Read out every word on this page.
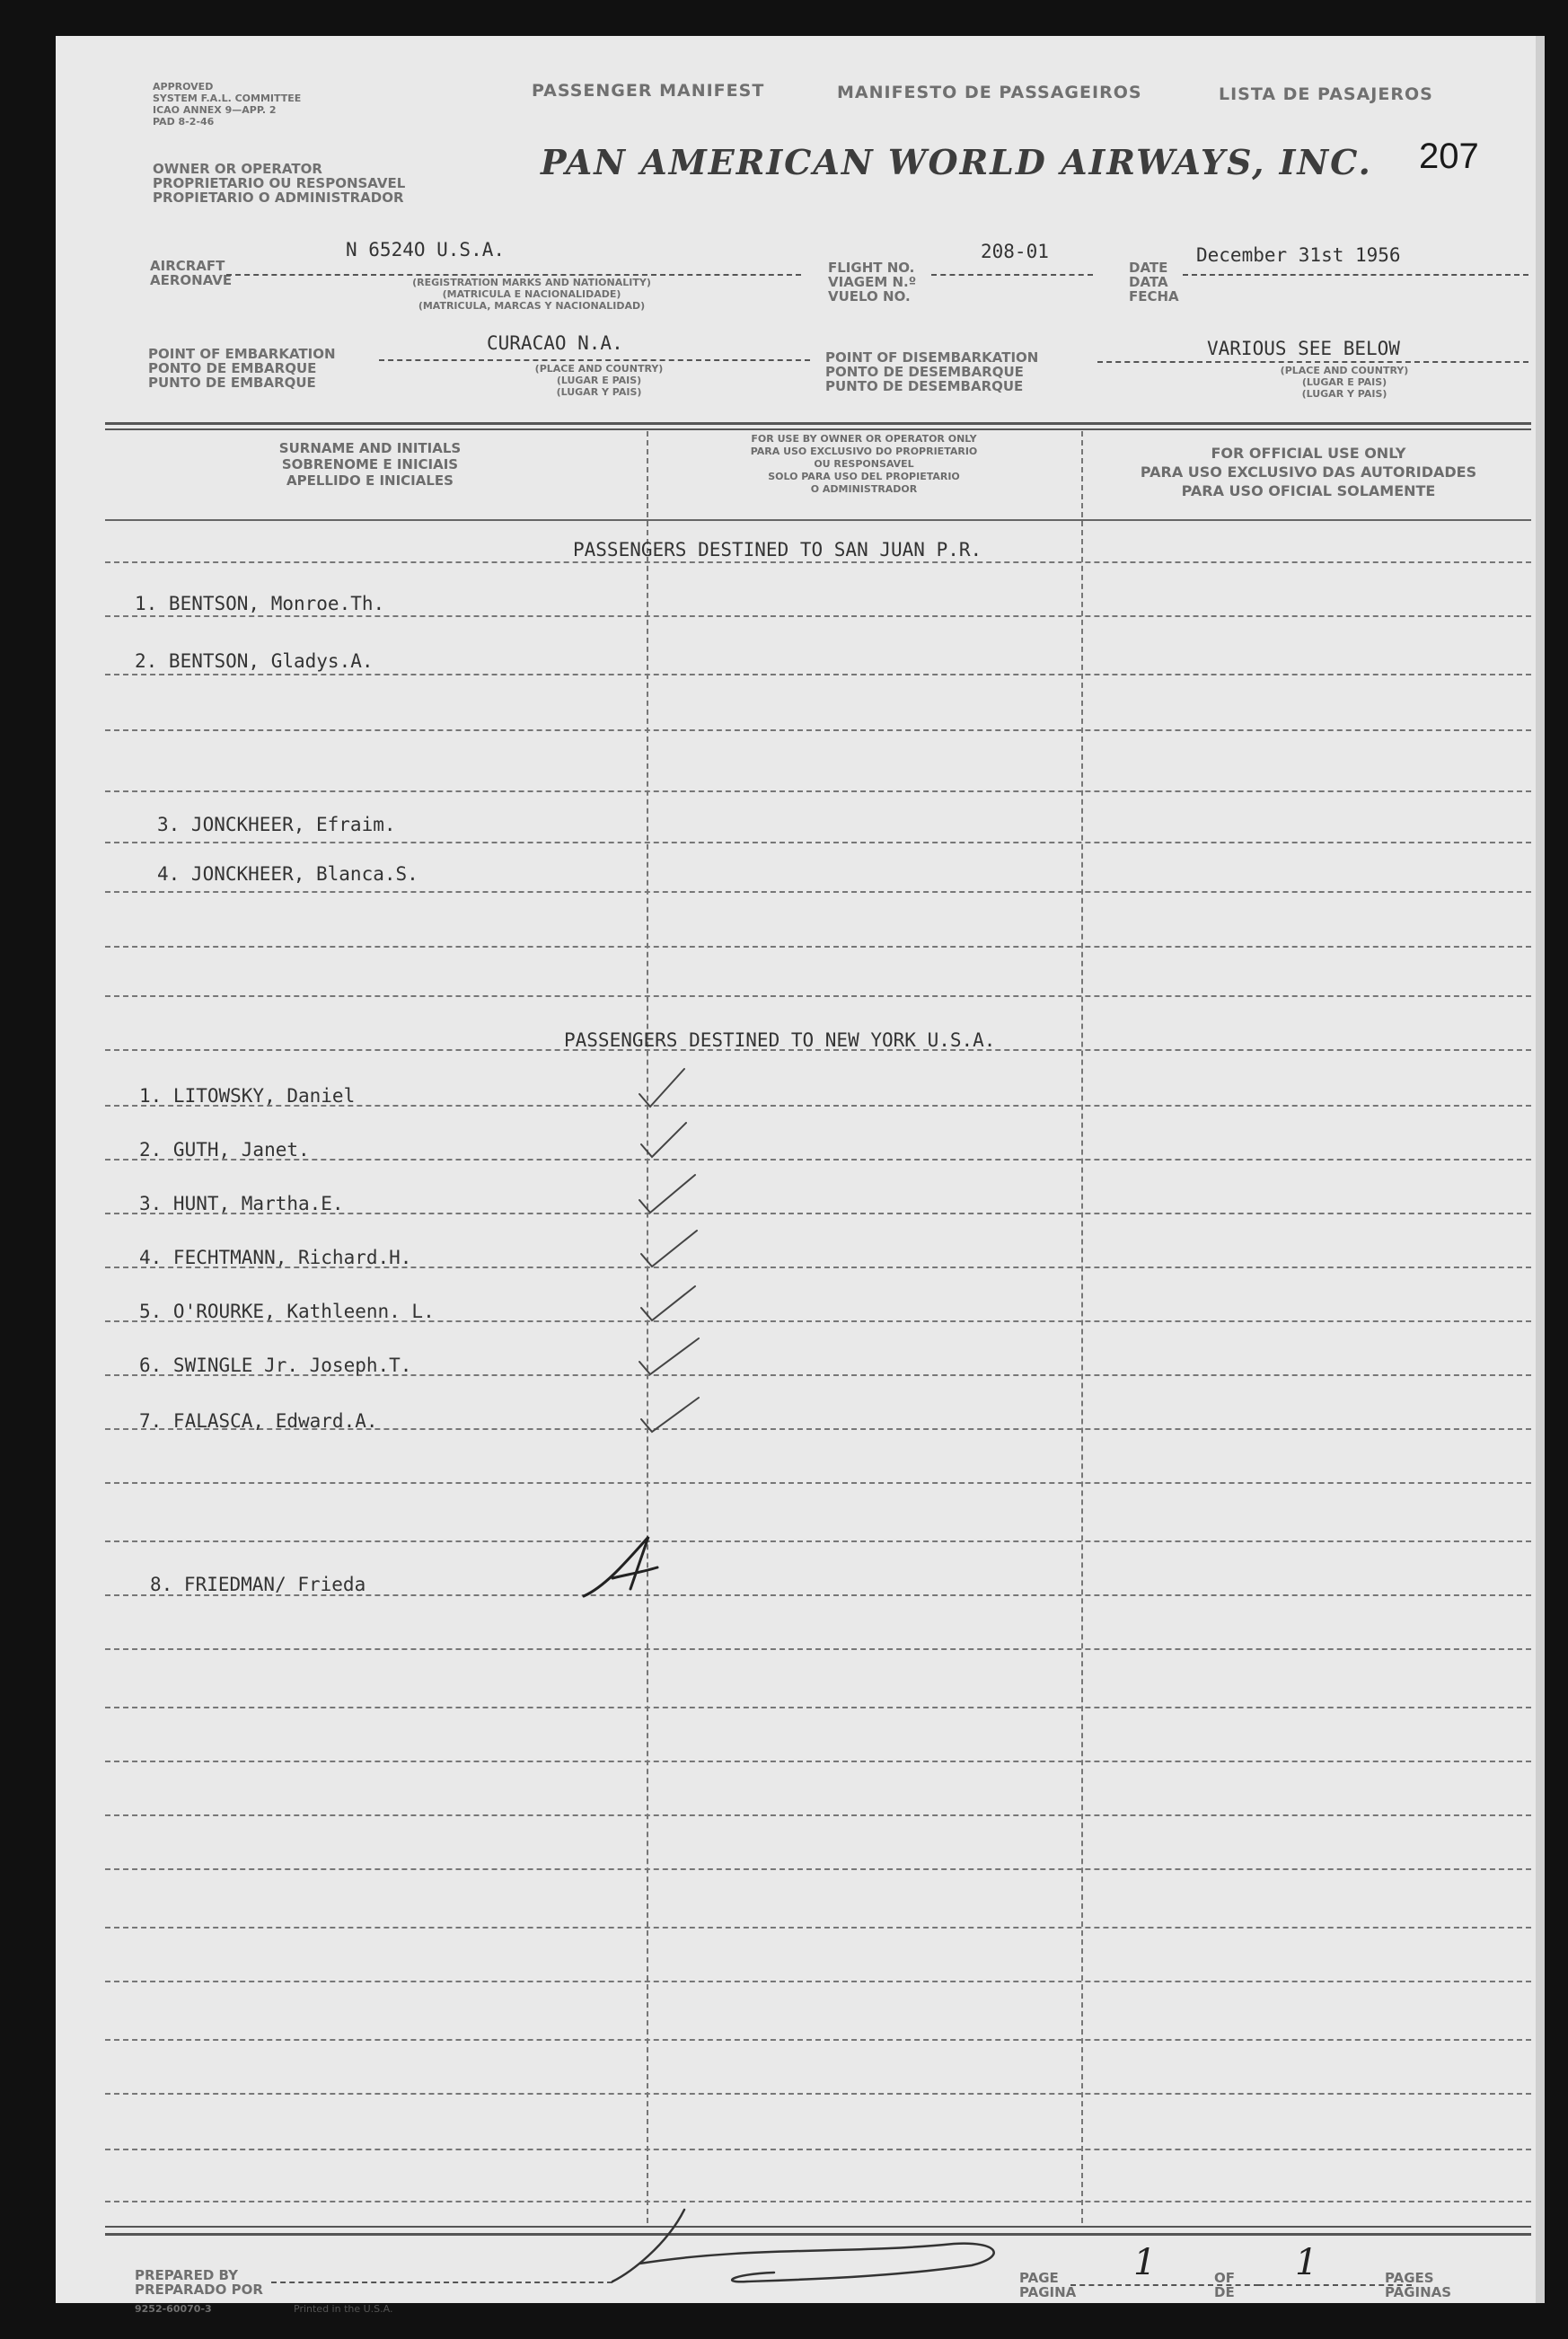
APPROVED
SYSTEM F.A.L. COMMITTEE
ICAO ANNEX 9—APP. 2
PAD 8-2-46
OWNER OR OPERATOR
PROPRIETARIO OU RESPONSAVEL
PROPIETARIO O ADMINISTRADOR
PASSENGER MANIFEST	MANIFESTO DE PASSAGEIROS	LISTA DE PASAJEROS
PAN AMERICAN WORLD AIRWAYS, INC. 207
AIRCRAFT
AERONAVE
N 6524O U.S.A.
(REGISTRATION MARKS AND NATIONALITY)
(MATRICULA E NACIONALIDADE)
(MATRICULA, MARCAS Y NACIONALIDAD)
FLIGHT NO.
VIAGEM N.º
VUELO NO.
208-01
DATE
DATA
FECHA
December 31st 1956
POINT OF EMBARKATION
PONTO DE EMBARQUE
PUNTO DE EMBARQUE
CURACAO N.A.
(PLACE AND COUNTRY)
(LUGAR E PAIS)
(LUGAR Y PAIS)
POINT OF DISEMBARKATION
PONTO DE DESEMBARQUE
PUNTO DE DESEMBARQUE
VARIOUS SEE BELOW
(PLACE AND COUNTRY)
(LUGAR E PAIS)
(LUGAR Y PAIS)
SURNAME AND INITIALS
SOBRENOME E INICIAIS
APELLIDO E INICIALES
FOR USE BY OWNER OR OPERATOR ONLY
PARA USO EXCLUSIVO DO PROPRIETARIO
OU RESPONSAVEL
SOLO PARA USO DEL PROPIETARIO
O ADMINISTRADOR
FOR OFFICIAL USE ONLY
PARA USO EXCLUSIVO DAS AUTORIDADES
PARA USO OFICIAL SOLAMENTE
PASSENGERS DESTINED TO SAN JUAN P.R.
1. BENTSON, Monroe.Th.
2. BENTSON, Gladys.A.
3. JONCKHEER, Efraim.
4. JONCKHEER, Blanca.S.
PASSENGERS DESTINED TO NEW YORK U.S.A.
1. LITOWSKY, Daniel
2. GUTH, Janet.
3. HUNT, Martha.E.
4. FECHTMANN, Richard.H.
5. O'ROURKE, Kathleenn. L.
6. SWINGLE Jr. Joseph.T.
7. FALASCA, Edward.A.
8. FRIEDMAN/ Frieda
PREPARED BY
PREPARADO POR
9252-60070-3	Printed in the U.S.A.
PAGE
PAGINA
1	OF
DE
1	PAGES
PAGINAS
